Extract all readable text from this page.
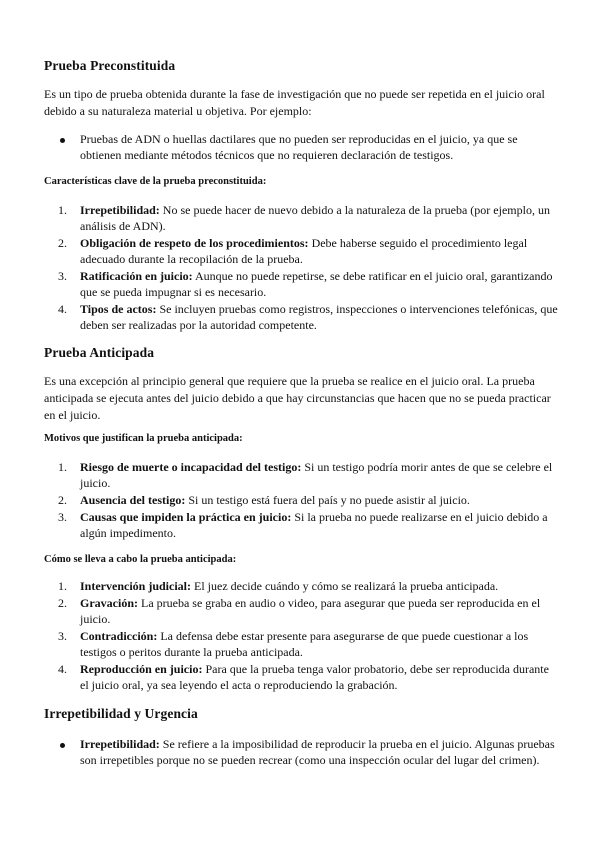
Prueba Preconstituida

Es un tipo de prueba obtenida durante la fase de investigación que no puede ser repetida en el juicio oral debido a su naturaleza material u objetiva. Por ejemplo:

Pruebas de ADN o huellas dactilares que no pueden ser reproducidas en el juicio, ya que se obtienen mediante métodos técnicos que no requieren declaración de testigos.
Características clave de la prueba preconstituida:
1. Irrepetibilidad: No se puede hacer de nuevo debido a la naturaleza de la prueba (por ejemplo, un análisis de ADN).
2. Obligación de respeto de los procedimientos: Debe haberse seguido el procedimiento legal adecuado durante la recopilación de la prueba.
3. Ratificación en juicio: Aunque no puede repetirse, se debe ratificar en el juicio oral, garantizando que se pueda impugnar si es necesario.
4. Tipos de actos: Se incluyen pruebas como registros, inspecciones o intervenciones telefónicas, que deben ser realizadas por la autoridad competente.
Prueba Anticipada

Es una excepción al principio general que requiere que la prueba se realice en el juicio oral. La prueba anticipada se ejecuta antes del juicio debido a que hay circunstancias que hacen que no se pueda practicar en el juicio.

Motivos que justifican la prueba anticipada:
1. Riesgo de muerte o incapacidad del testigo: Si un testigo podría morir antes de que se celebre el juicio.
2. Ausencia del testigo: Si un testigo está fuera del país y no puede asistir al juicio.
3. Causas que impiden la práctica en juicio: Si la prueba no puede realizarse en el juicio debido a algún impedimento.
Cómo se lleva a cabo la prueba anticipada:
1. Intervención judicial: El juez decide cuándo y cómo se realizará la prueba anticipada.
2. Gravación: La prueba se graba en audio o video, para asegurar que pueda ser reproducida en el juicio.
3. Contradicción: La defensa debe estar presente para asegurarse de que puede cuestionar a los testigos o peritos durante la prueba anticipada.
4. Reproducción en juicio: Para que la prueba tenga valor probatorio, debe ser reproducida durante el juicio oral, ya sea leyendo el acta o reproduciendo la grabación.
Irrepetibilidad y Urgencia
Irrepetibilidad: Se refiere a la imposibilidad de reproducir la prueba en el juicio. Algunas pruebas son irrepetibles porque no se pueden recrear (como una inspección ocular del lugar del crimen).
